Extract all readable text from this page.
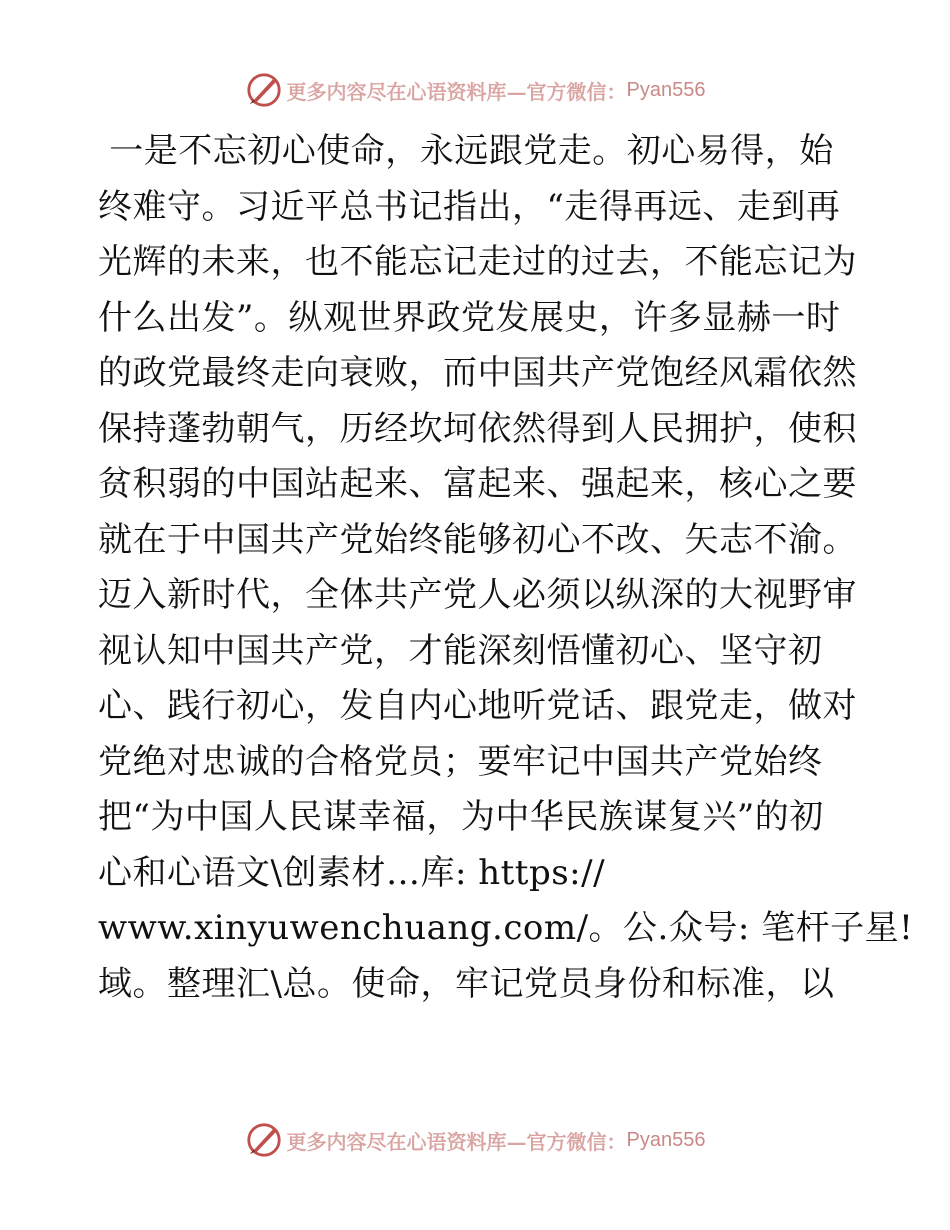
更多内容尽在心语资料库—官方微信： Pyan556
一是不忘初心使命，永远跟党走。初心易得，始
终难守。习近平总书记指出，“走得再远、走到再
光辉的未来，也不能忘记走过的过去，不能忘记为
什么出发”。纵观世界政党发展史，许多显赫一时
的政党最终走向衰败，而中国共产党饱经风霜依然
保持蓬勃朝气，历经坎坷依然得到人民拥护，使积
贫积弱的中国站起来、富起来、强起来，核心之要
就在于中国共产党始终能够初心不改、矢志不渝。
迈入新时代，全体共产党人必须以纵深的大视野审
视认知中国共产党，才能深刻悟懂初心、坚守初
心、践行初心，发自内心地听党话、跟党走，做对
党绝对忠诚的合格党员；要牢记中国共产党始终
把“为中国人民谋幸福，为中华民族谋复兴”的初
心和心语文\创素材…库: https://
www.xinyuwenchuang.com/。公.众号: 笔杆子星!
域。整理汇\总。使命，牢记党员身份和标准，以
更多内容尽在心语资料库—官方微信： Pyan556
